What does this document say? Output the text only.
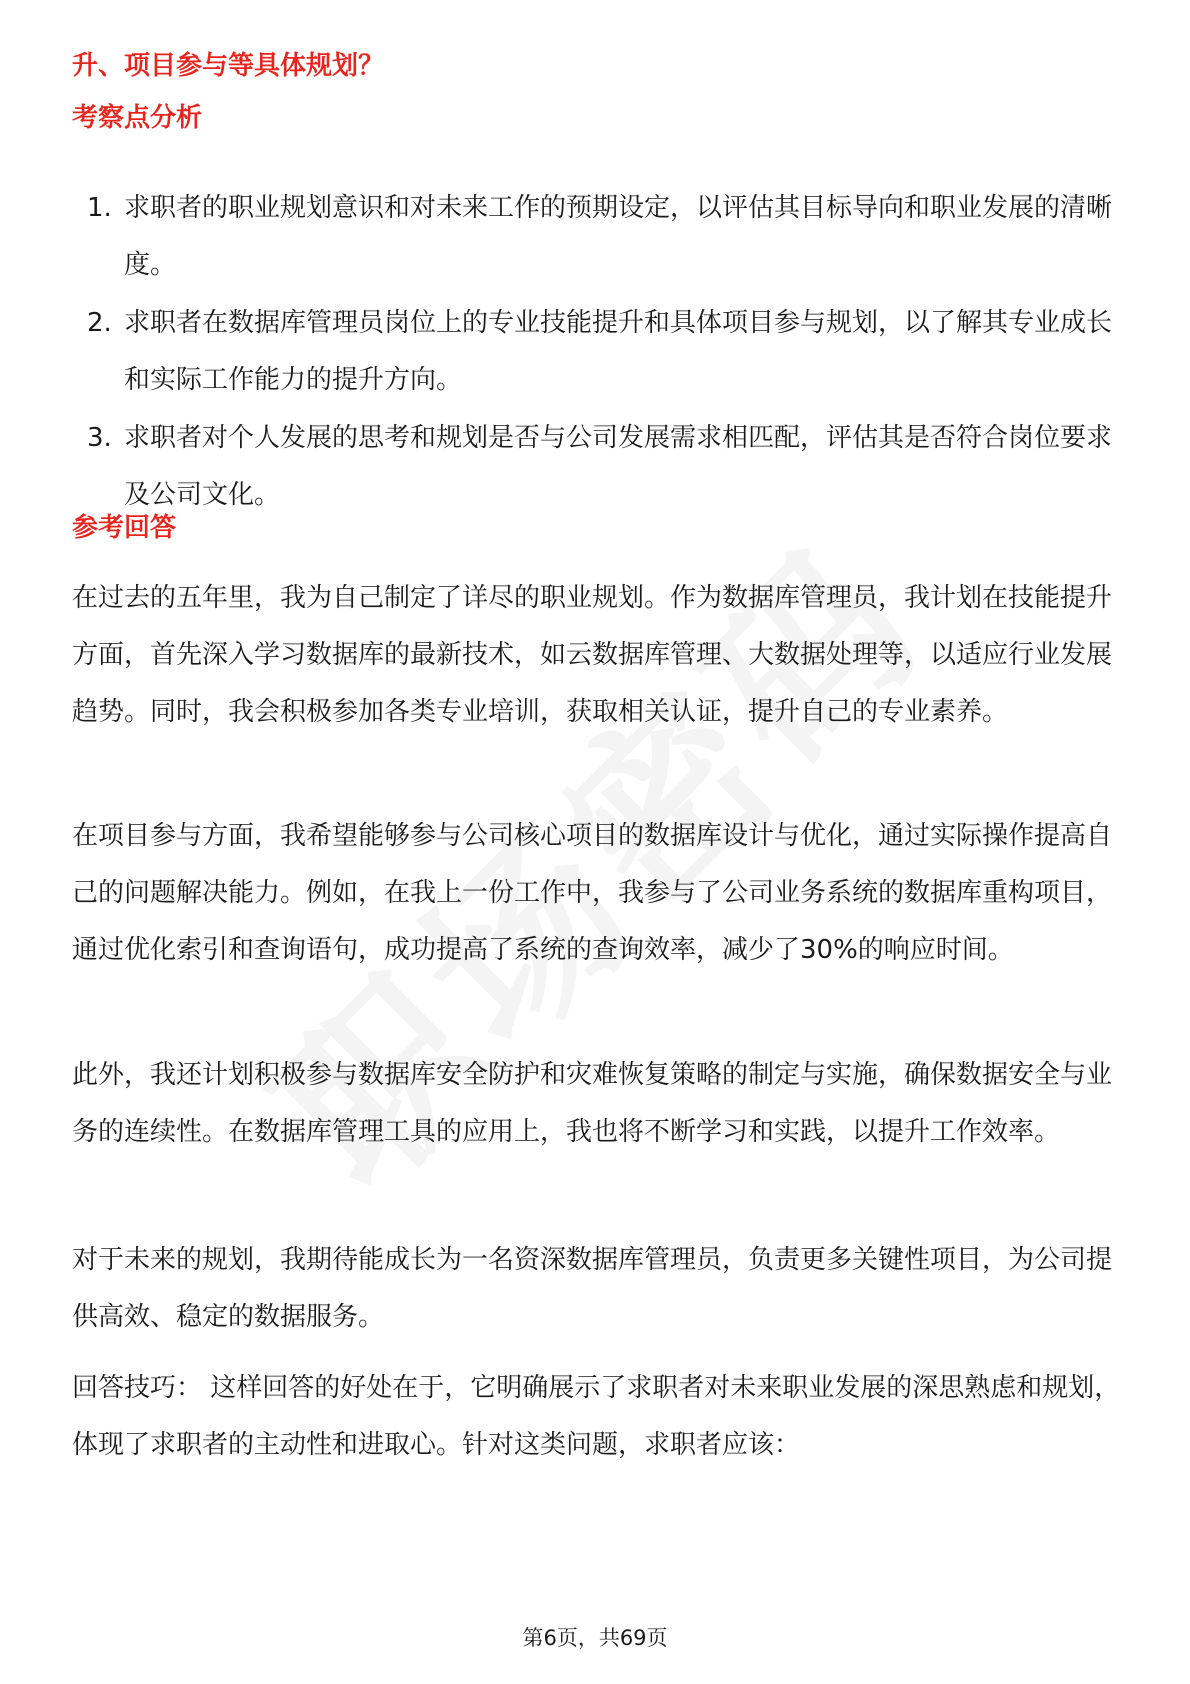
升、项目参与等具体规划？

考察点分析

1. 求职者的职业规划意识和对未来工作的预期设定，以评估其目标导向和职业发展的清晰度。
2. 求职者在数据库管理员岗位上的专业技能提升和具体项目参与规划，以了解其专业成长和实际工作能力的提升方向。
3. 求职者对个人发展的思考和规划是否与公司发展需求相匹配，评估其是否符合岗位要求及公司文化。

参考回答

在过去的五年里，我为自己制定了详尽的职业规划。作为数据库管理员，我计划在技能提升方面，首先深入学习数据库的最新技术，如云数据库管理、大数据处理等，以适应行业发展趋势。同时，我会积极参加各类专业培训，获取相关认证，提升自己的专业素养。

在项目参与方面，我希望能够参与公司核心项目的数据库设计与优化，通过实际操作提高自己的问题解决能力。例如，在我上一份工作中，我参与了公司业务系统的数据库重构项目，通过优化索引和查询语句，成功提高了系统的查询效率，减少了30%的响应时间。

此外，我还计划积极参与数据库安全防护和灾难恢复策略的制定与实施，确保数据安全与业务的连续性。在数据库管理工具的应用上，我也将不断学习和实践，以提升工作效率。

对于未来的规划，我期待能成长为一名资深数据库管理员，负责更多关键性项目，为公司提供高效、稳定的数据服务。

回答技巧： 这样回答的好处在于，它明确展示了求职者对未来职业发展的深思熟虑和规划，体现了求职者的主动性和进取心。针对这类问题，求职者应该：

第6页，共69页
